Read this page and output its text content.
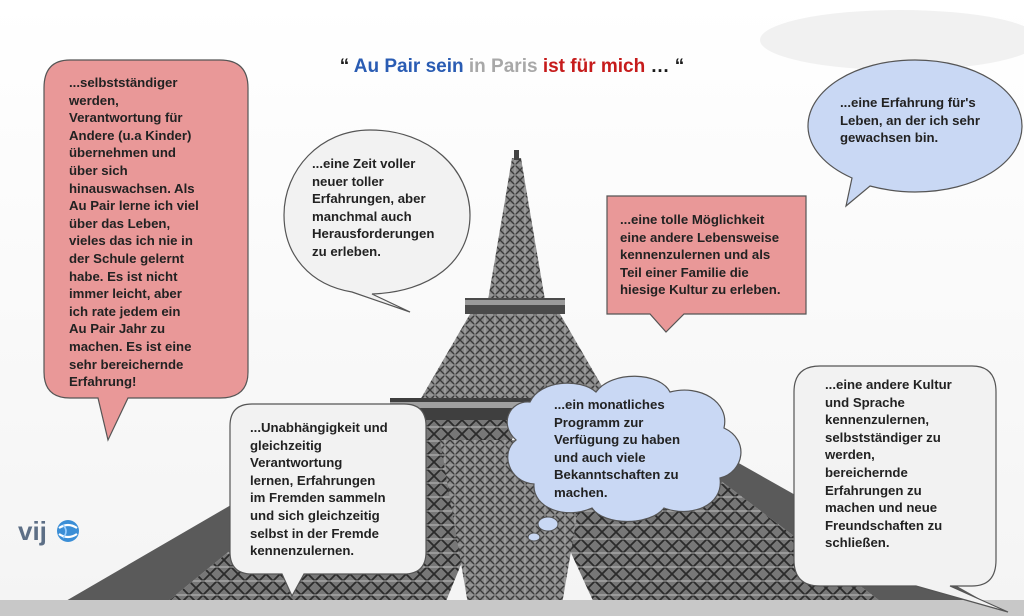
“ Au Pair sein in Paris ist für mich … “
...selbstständiger
werden,
Verantwortung für
Andere (u.a Kinder)
übernehmen und
über sich
hinauswachsen. Als
Au Pair lerne ich viel
über das Leben,
vieles das ich nie in
der Schule gelernt
habe. Es ist nicht
immer leicht, aber
ich rate jedem ein
Au Pair Jahr zu
machen. Es ist eine
sehr bereichernde
Erfahrung!
...eine Zeit voller
neuer toller
Erfahrungen, aber
manchmal auch
Herausforderungen
zu erleben.
...eine tolle Möglichkeit
eine andere Lebensweise
kennenzulernen und als
Teil einer Familie die
hiesige Kultur zu erleben.
...eine Erfahrung für's
Leben, an der ich sehr
gewachsen bin.
...Unabhängigkeit und
gleichzeitig
Verantwortung
lernen, Erfahrungen
im Fremden sammeln
und sich gleichzeitig
selbst in der Fremde
kennenzulernen.
...ein monatliches
Programm zur
Verfügung zu haben
und auch viele
Bekanntschaften zu
machen.
...eine andere Kultur
und Sprache
kennenzulernen,
selbstständiger zu
werden,
bereichernde
Erfahrungen zu
machen und neue
Freundschaften zu
schließen.
vij
